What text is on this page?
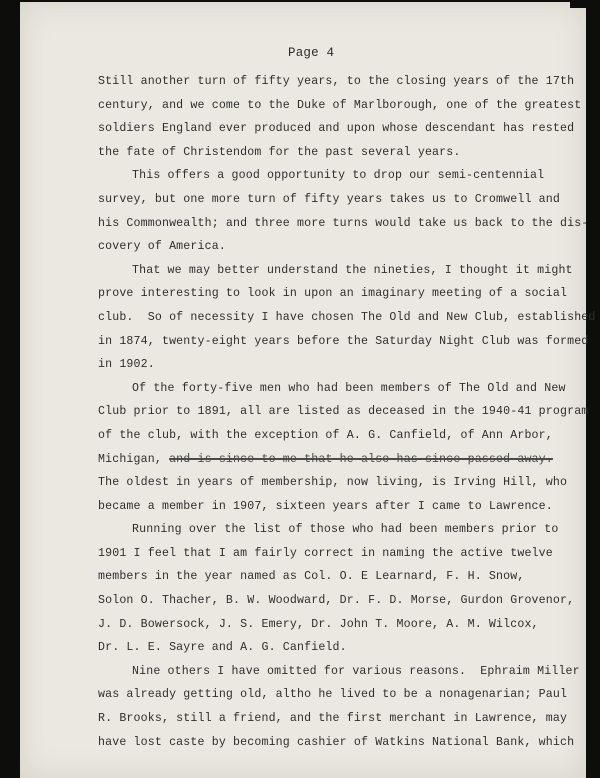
Page 4
Still another turn of fifty years, to the closing years of the 17th
century, and we come to the Duke of Marlborough, one of the greatest
soldiers England ever produced and upon whose descendant has rested
the fate of Christendom for the past several years.
This offers a good opportunity to drop our semi-centennial
survey, but one more turn of fifty years takes us to Cromwell and
his Commonwealth; and three more turns would take us back to the dis-
covery of America.
That we may better understand the nineties, I thought it might
prove interesting to look in upon an imaginary meeting of a social
club.  So of necessity I have chosen The Old and New Club, established
in 1874, twenty-eight years before the Saturday Night Club was formed
in 1902.
Of the forty-five men who had been members of The Old and New
Club prior to 1891, all are listed as deceased in the 1940-41 program
of the club, with the exception of A. G. Canfield, of Ann Arbor,
Michigan, and is since to me that he also has since passed away.
The oldest in years of membership, now living, is Irving Hill, who
became a member in 1907, sixteen years after I came to Lawrence.
Running over the list of those who had been members prior to
1901 I feel that I am fairly correct in naming the active twelve
members in the year named as Col. O. E Learnard, F. H. Snow,
Solon O. Thacher, B. W. Woodward, Dr. F. D. Morse, Gurdon Grovenor,
J. D. Bowersock, J. S. Emery, Dr. John T. Moore, A. M. Wilcox,
Dr. L. E. Sayre and A. G. Canfield.
Nine others I have omitted for various reasons.  Ephraim Miller
was already getting old, altho he lived to be a nonagenarian; Paul
R. Brooks, still a friend, and the first merchant in Lawrence, may
have lost caste by becoming cashier of Watkins National Bank, which
